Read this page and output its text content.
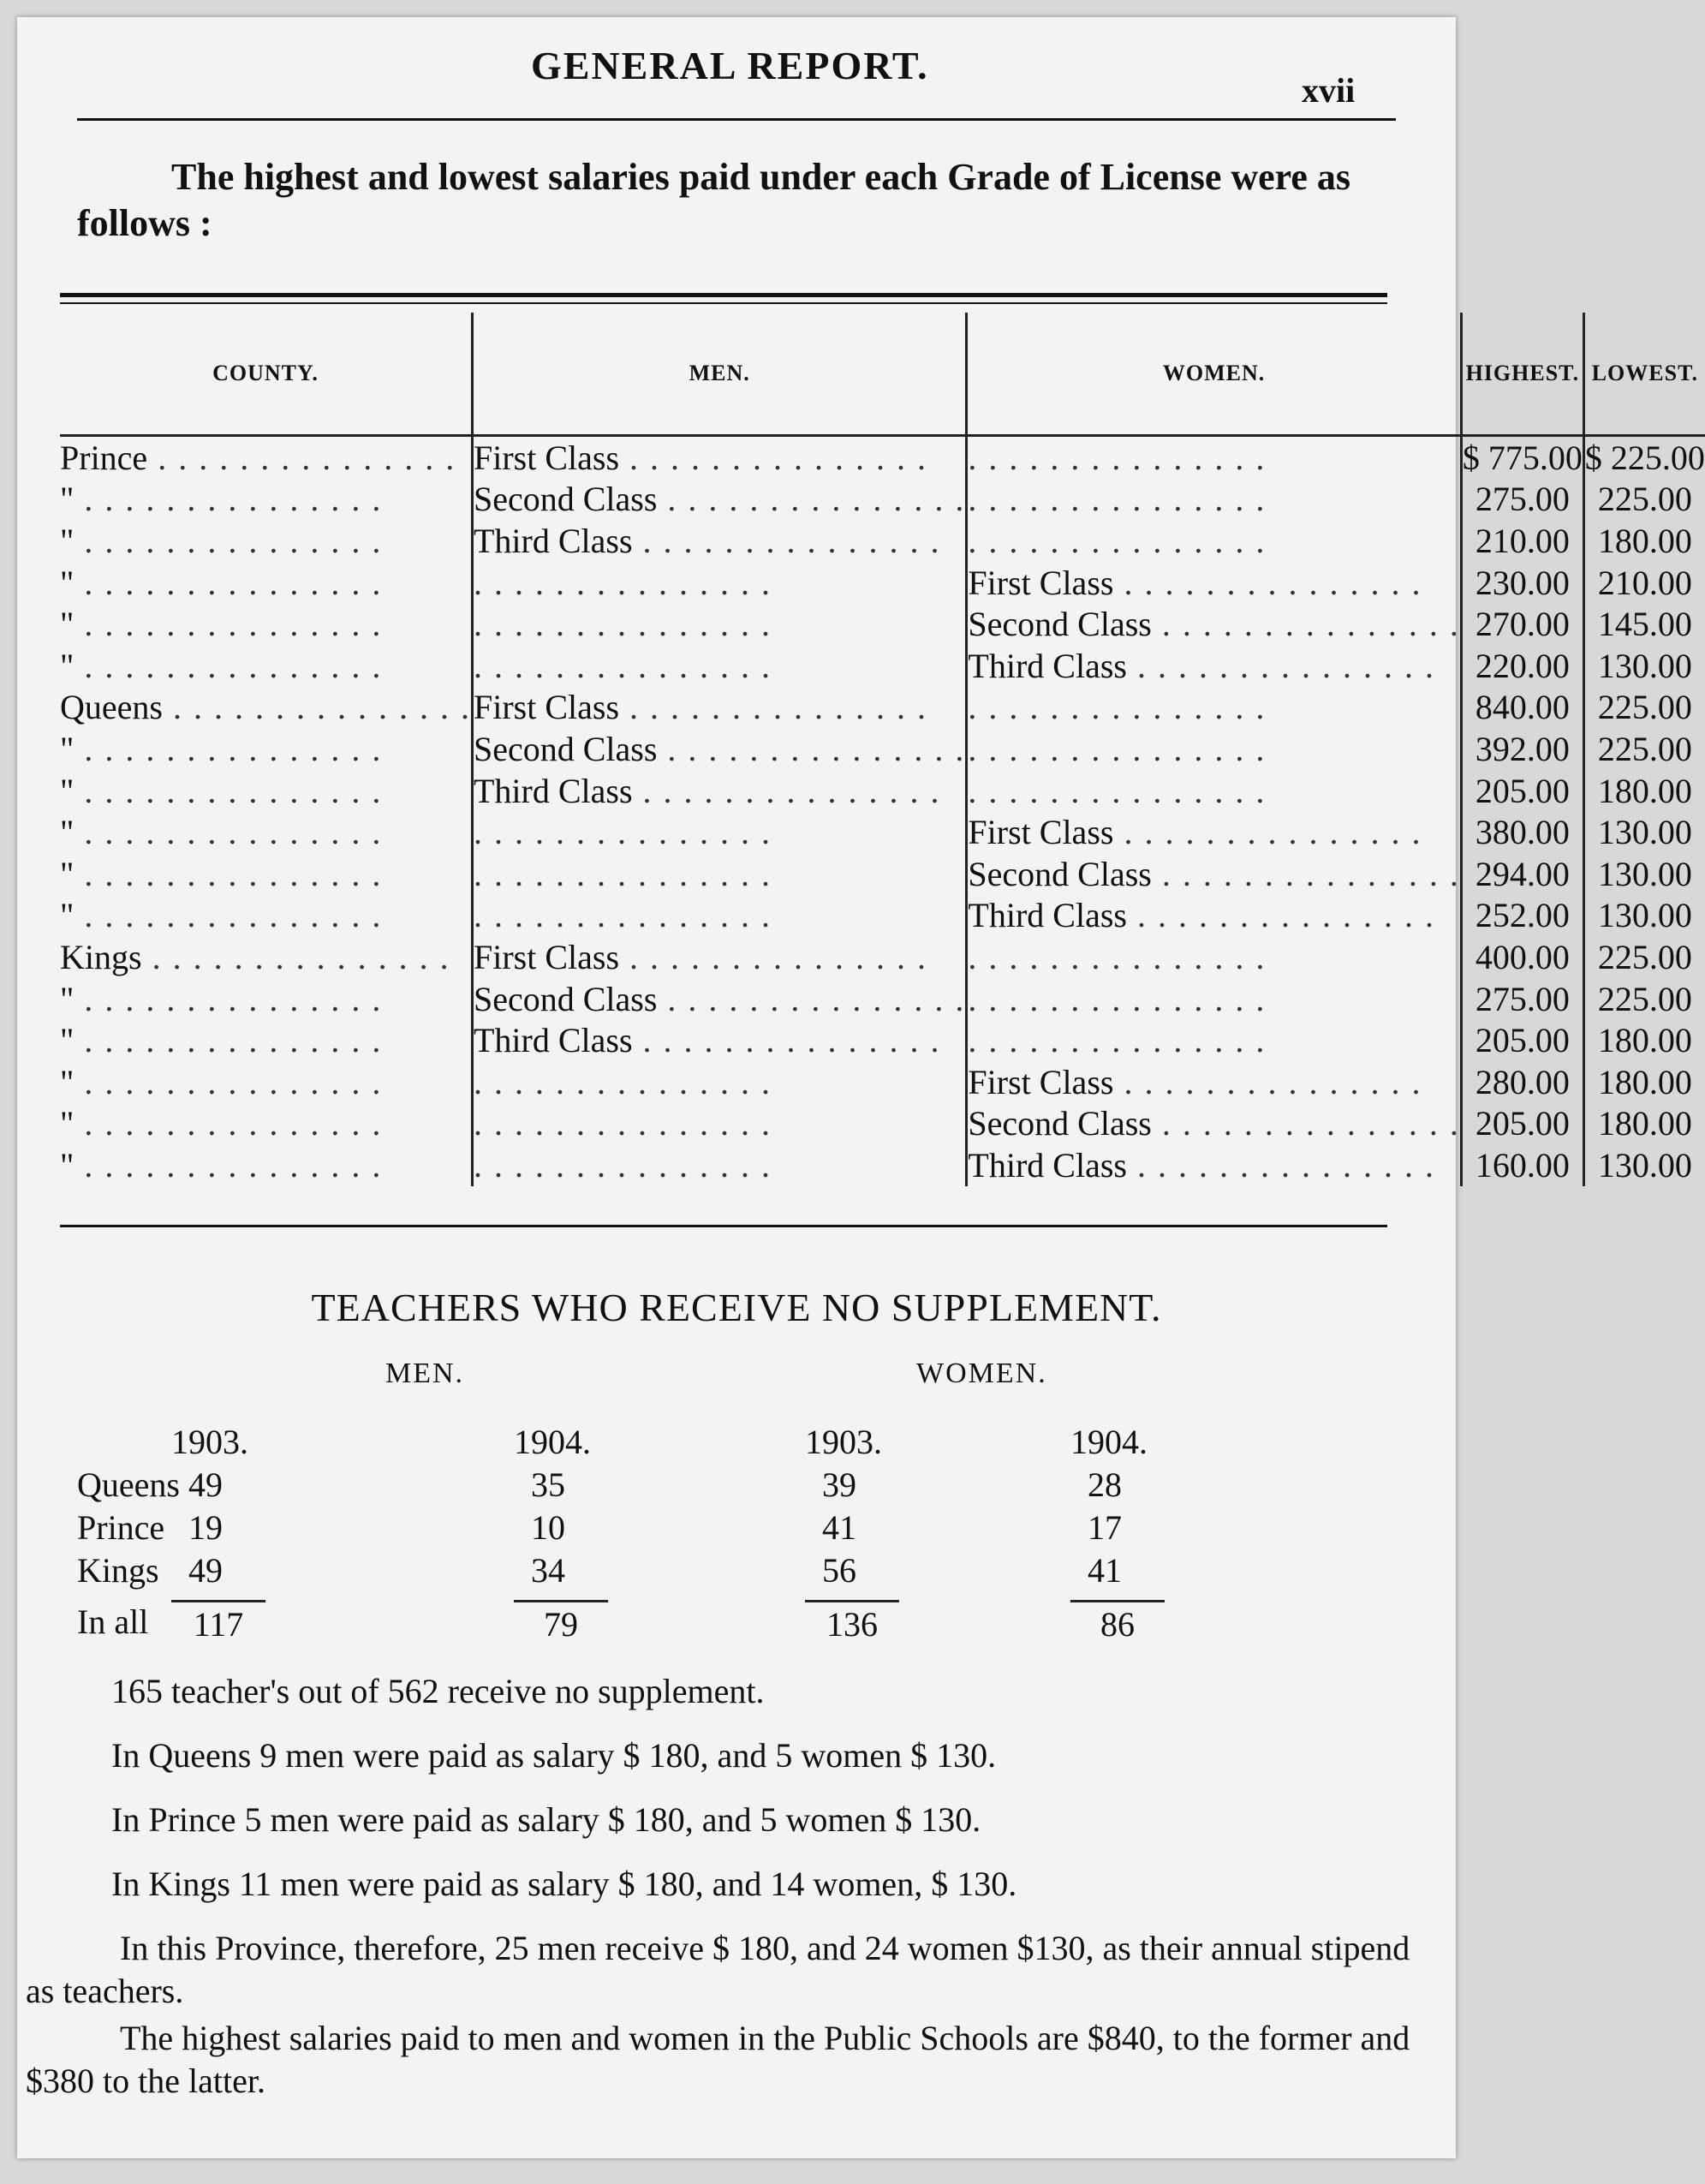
GENERAL REPORT.
xvii
The highest and lowest salaries paid under each Grade of License were as follows :
COUNTY.	MEN.	WOMEN.	HIGHEST.	LOWEST.
Prince . . . . . . . . . . . . . . .	First Class . . . . . . . . . . . . . . .	. . . . . . . . . . . . . . .	$ 775.00	$ 225.00
" . . . . . . . . . . . . . . .	Second Class . . . . . . . . . . . . . . .	. . . . . . . . . . . . . . .	275.00	225.00
" . . . . . . . . . . . . . . .	Third Class . . . . . . . . . . . . . . .	. . . . . . . . . . . . . . .	210.00	180.00
" . . . . . . . . . . . . . . .	. . . . . . . . . . . . . . .	First Class . . . . . . . . . . . . . . .	230.00	210.00
" . . . . . . . . . . . . . . .	. . . . . . . . . . . . . . .	Second Class . . . . . . . . . . . . . . .	270.00	145.00
" . . . . . . . . . . . . . . .	. . . . . . . . . . . . . . .	Third Class . . . . . . . . . . . . . . .	220.00	130.00
Queens . . . . . . . . . . . . . . .	First Class . . . . . . . . . . . . . . .	. . . . . . . . . . . . . . .	840.00	225.00
" . . . . . . . . . . . . . . .	Second Class . . . . . . . . . . . . . . .	. . . . . . . . . . . . . . .	392.00	225.00
" . . . . . . . . . . . . . . .	Third Class . . . . . . . . . . . . . . .	. . . . . . . . . . . . . . .	205.00	180.00
" . . . . . . . . . . . . . . .	. . . . . . . . . . . . . . .	First Class . . . . . . . . . . . . . . .	380.00	130.00
" . . . . . . . . . . . . . . .	. . . . . . . . . . . . . . .	Second Class . . . . . . . . . . . . . . .	294.00	130.00
" . . . . . . . . . . . . . . .	. . . . . . . . . . . . . . .	Third Class . . . . . . . . . . . . . . .	252.00	130.00
Kings . . . . . . . . . . . . . . .	First Class . . . . . . . . . . . . . . .	. . . . . . . . . . . . . . .	400.00	225.00
" . . . . . . . . . . . . . . .	Second Class . . . . . . . . . . . . . . .	. . . . . . . . . . . . . . .	275.00	225.00
" . . . . . . . . . . . . . . .	Third Class . . . . . . . . . . . . . . .	. . . . . . . . . . . . . . .	205.00	180.00
" . . . . . . . . . . . . . . .	. . . . . . . . . . . . . . .	First Class . . . . . . . . . . . . . . .	280.00	180.00
" . . . . . . . . . . . . . . .	. . . . . . . . . . . . . . .	Second Class . . . . . . . . . . . . . . .	205.00	180.00
" . . . . . . . . . . . . . . .	. . . . . . . . . . . . . . .	Third Class . . . . . . . . . . . . . . .	160.00	130.00
TEACHERS WHO RECEIVE NO SUPPLEMENT.
MEN.	WOMEN.
1903.	1904.	1903.	1904.
Queens 49	35	39	28
Prince 19	10	41	17
Kings 49	34	56	41
In all	117	79	136	86
165 teacher's out of 562 receive no supplement.
In Queens 9 men were paid as salary $ 180, and 5 women $ 130.
In Prince 5 men were paid as salary $ 180, and 5 women $ 130.
In Kings 11 men were paid as salary $ 180, and 14 women, $ 130.
In this Province, therefore, 25 men receive $ 180, and 24 women $130, as their annual stipend as teachers.
The highest salaries paid to men and women in the Public Schools are $840, to the former and $380 to the latter.
